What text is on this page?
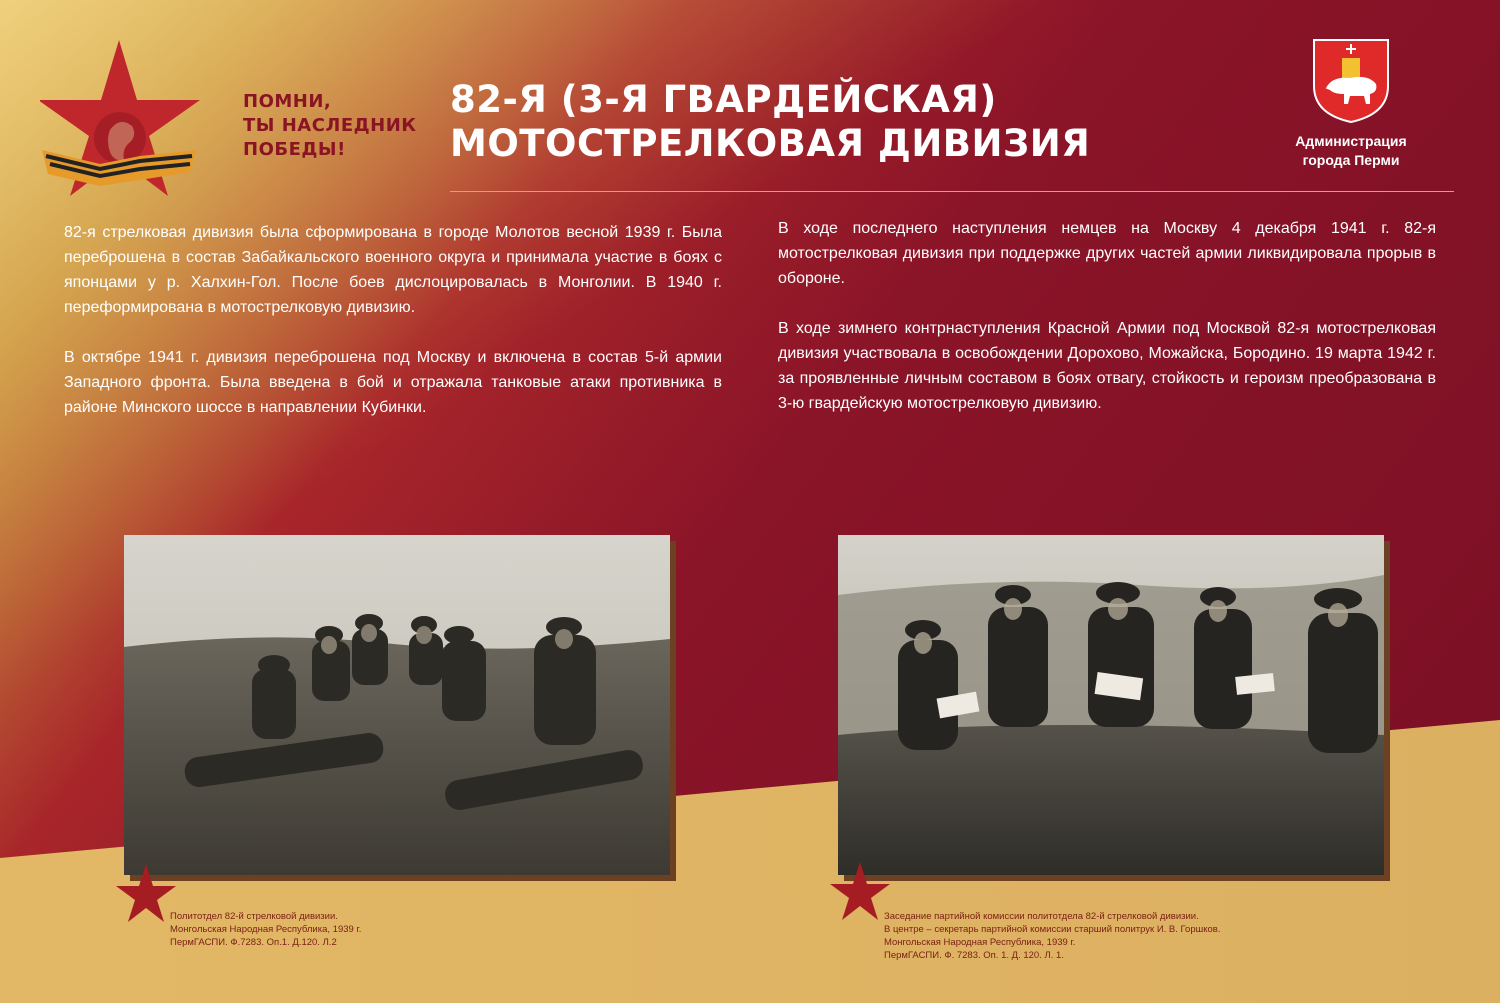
ПОМНИ,
ТЫ НАСЛЕДНИК
ПОБЕДЫ!
82-Я (3-Я ГВАРДЕЙСКАЯ)
МОТОСТРЕЛКОВАЯ ДИВИЗИЯ	Администрация
города Перми

82-я стрелковая дивизия была сформирована в городе Молотов весной 1939 г. Была переброшена в состав Забайкальского военного округа и принимала участие в боях с японцами у р. Халхин-Гол. После боев дислоцировалась в Монголии. В 1940 г. переформирована в мотострелковую дивизию.

В октябре 1941 г. дивизия переброшена под Москву и включена в состав 5-й армии Западного фронта. Была введена в бой и отражала танковые атаки противника в районе Минского шоссе в направлении Кубинки.

В ходе последнего наступления немцев на Москву 4 декабря 1941 г. 82-я мотострелковая дивизия при поддержке других частей армии ликвидировала прорыв в обороне.

В ходе зимнего контрнаступления Красной Армии под Москвой 82-я мотострелковая дивизия участвовала в освобождении Дорохово, Можайска, Бородино. 19 марта 1942 г. за проявленные личным составом в боях отвагу, стойкость и героизм преобразована в 3-ю гвардейскую мотострелковую дивизию.

Политотдел 82-й стрелковой дивизии.
Монгольская Народная Республика, 1939 г.
ПермГАСПИ. Ф.7283. Оп.1. Д.120. Л.2
Заседание партийной комиссии политотдела 82-й стрелковой дивизии.
В центре – секретарь партийной комиссии старший политрук И. В. Горшков.
Монгольская Народная Республика, 1939 г.
ПермГАСПИ. Ф. 7283. Оп. 1. Д. 120. Л. 1.
